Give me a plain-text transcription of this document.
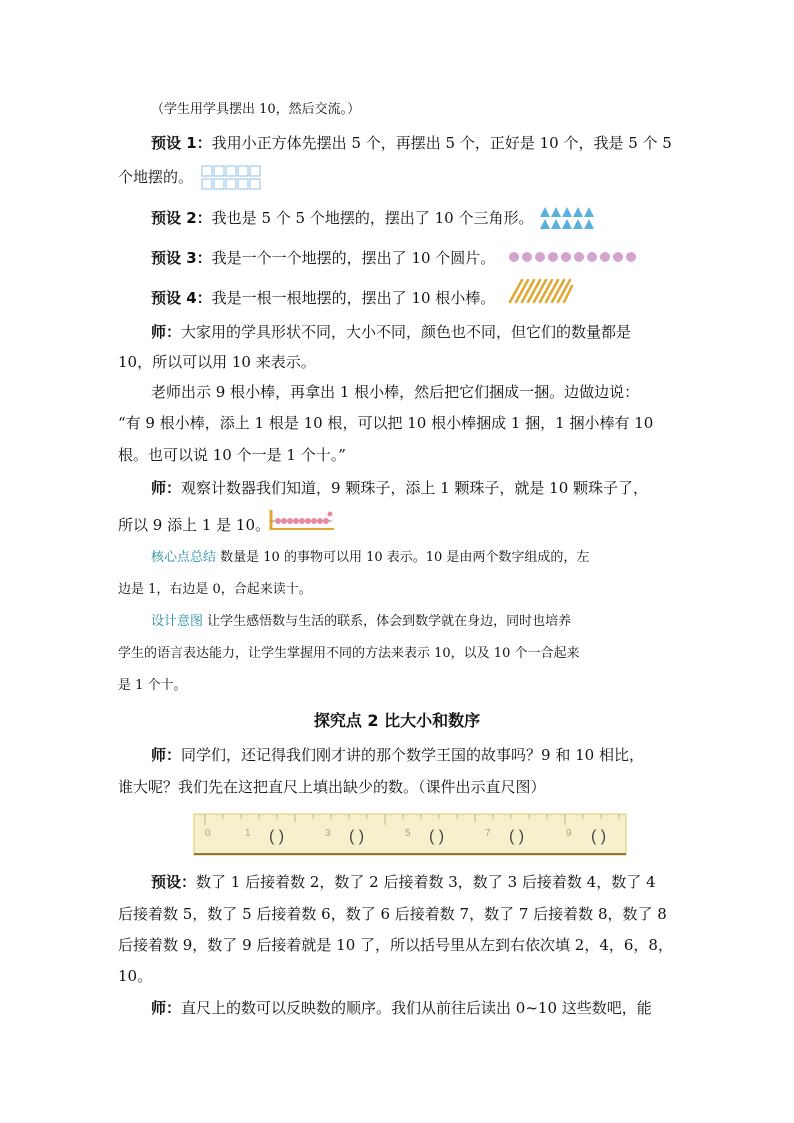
（学生用学具摆出 10，然后交流。）
预设 1：我用小正方体先摆出 5 个，再摆出 5 个，正好是 10 个，我是 5 个 5
个地摆的。
预设 2：我也是 5 个 5 个地摆的，摆出了 10 个三角形。
预设 3：我是一个一个地摆的，摆出了 10 个圆片。
预设 4：我是一根一根地摆的，摆出了 10 根小棒。
师：大家用的学具形状不同，大小不同，颜色也不同，但它们的数量都是
10，所以可以用 10 来表示。
老师出示 9 根小棒，再拿出 1 根小棒，然后把它们捆成一捆。边做边说：
“有 9 根小棒，添上 1 根是 10 根，可以把 10 根小棒捆成 1 捆，1 捆小棒有 10
根。也可以说 10 个一是 1 个十。”
师：观察计数器我们知道，9 颗珠子，添上 1 颗珠子，就是 10 颗珠子了，
所以 9 添上 1 是 10。
核心点总结 数量是 10 的事物可以用 10 表示。10 是由两个数字组成的，左
边是 1，右边是 0，合起来读十。
设计意图 让学生感悟数与生活的联系，体会到数学就在身边，同时也培养
学生的语言表达能力，让学生掌握用不同的方法来表示 10，以及 10 个一合起来
是 1 个十。
探究点 2 比大小和数序
师：同学们，还记得我们刚才讲的那个数学王国的故事吗？9 和 10 相比，
谁大呢？我们先在这把直尺上填出缺少的数。（课件出示直尺图）
0	1	3	5	7	9
( )	( )	( )	( )	( )
预设：数了 1 后接着数 2，数了 2 后接着数 3，数了 3 后接着数 4，数了 4
后接着数 5，数了 5 后接着数 6，数了 6 后接着数 7，数了 7 后接着数 8，数了 8
后接着数 9，数了 9 后接着就是 10 了，所以括号里从左到右依次填 2，4，6，8，
10。
师：直尺上的数可以反映数的顺序。我们从前往后读出 0~10 这些数吧，能
